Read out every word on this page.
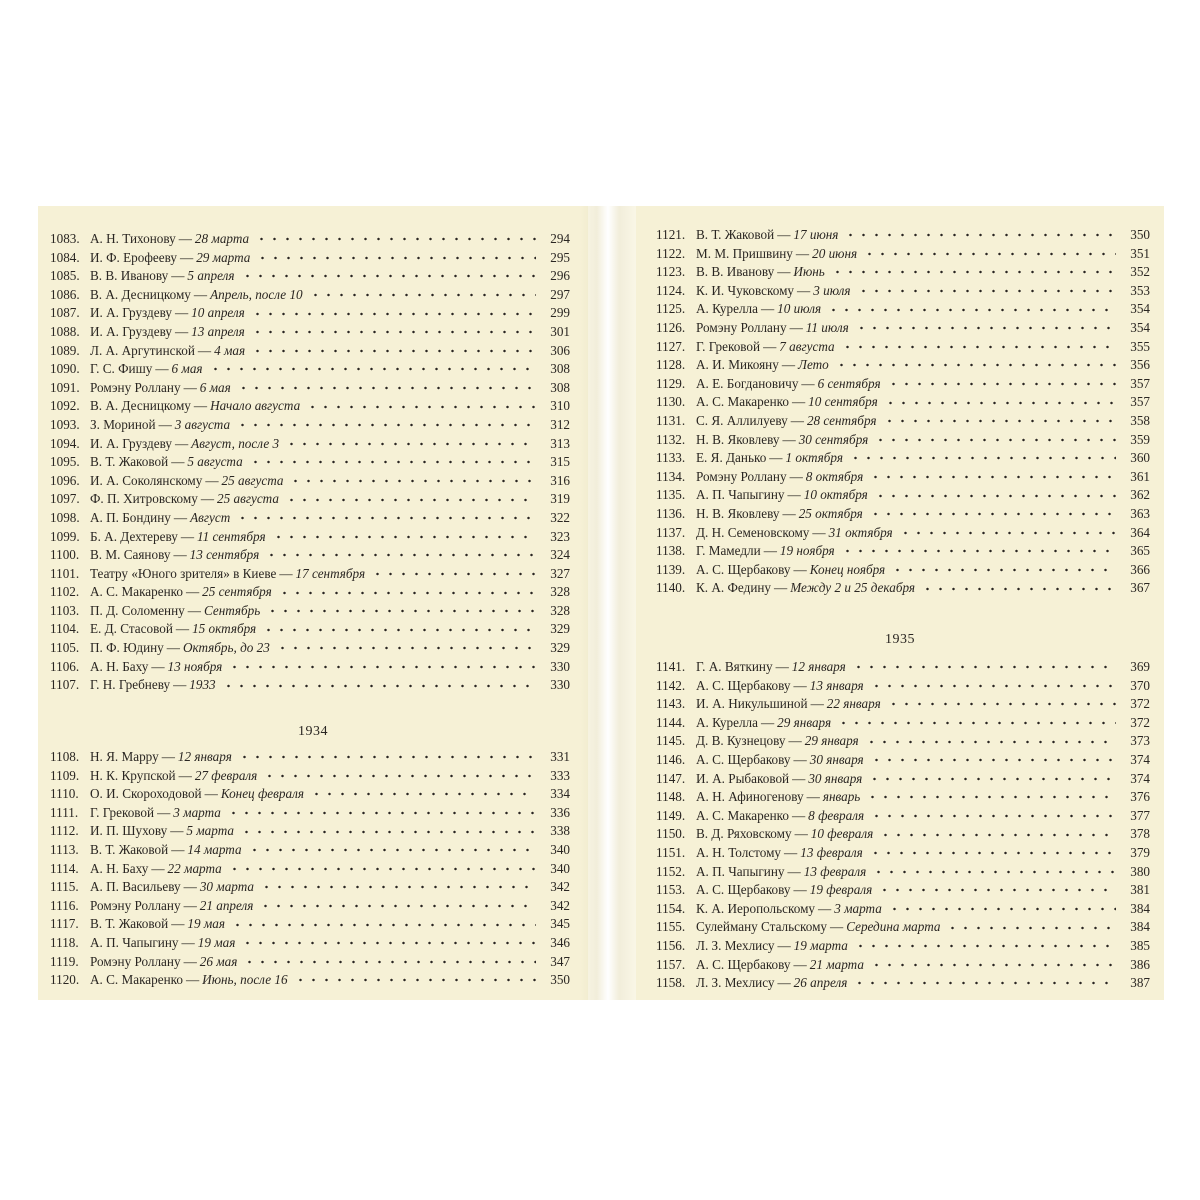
1083. А. Н. Тихонову — 28 марта	294
1084. И. Ф. Ерофееву — 29 марта	295
1085. В. В. Иванову — 5 апреля	296
1086. В. А. Десницкому — Апрель, после 10	297
1087. И. А. Груздеву — 10 апреля	299
1088. И. А. Груздеву — 13 апреля	301
1089. Л. А. Аргутинской — 4 мая	306
1090. Г. С. Фишу — 6 мая	308
1091. Ромэну Роллану — 6 мая	308
1092. В. А. Десницкому — Начало августа	310
1093. З. Мориной — 3 августа	312
1094. И. А. Груздеву — Август, после 3	313
1095. В. Т. Жаковой — 5 августа	315
1096. И. А. Соколянскому — 25 августа	316
1097. Ф. П. Хитровскому — 25 августа	319
1098. А. П. Бондину — Август	322
1099. Б. А. Дехтереву — 11 сентября	323
1100. В. М. Саянову — 13 сентября	324
1101. Театру «Юного зрителя» в Киеве — 17 сентября	327
1102. А. С. Макаренко — 25 сентября	328
1103. П. Д. Соломенну — Сентябрь	328
1104. Е. Д. Стасовой — 15 октября	329
1105. П. Ф. Юдину — Октябрь, до 23	329
1106. А. Н. Баху — 13 ноября	330
1107. Г. Н. Гребневу — 1933	330
1934
1108. Н. Я. Марру — 12 января	331
1109. Н. К. Крупской — 27 февраля	333
1110. О. И. Скороходовой — Конец февраля	334
1111. Г. Грековой — 3 марта	336
1112. И. П. Шухову — 5 марта	338
1113. В. Т. Жаковой — 14 марта	340
1114. А. Н. Баху — 22 марта	340
1115. А. П. Васильеву — 30 марта	342
1116. Ромэну Роллану — 21 апреля	342
1117. В. Т. Жаковой — 19 мая	345
1118. А. П. Чапыгину — 19 мая	346
1119. Ромэну Роллану — 26 мая	347
1120. А. С. Макаренко — Июнь, после 16	350
1121. В. Т. Жаковой — 17 июня	350
1122. М. М. Пришвину — 20 июня	351
1123. В. В. Иванову — Июнь	352
1124. К. И. Чуковскому — 3 июля	353
1125. А. Курелла — 10 июля	354
1126. Ромэну Роллану — 11 июля	354
1127. Г. Грековой — 7 августа	355
1128. А. И. Микояну — Лето	356
1129. А. Е. Богдановичу — 6 сентября	357
1130. А. С. Макаренко — 10 сентября	357
1131. С. Я. Аллилуеву — 28 сентября	358
1132. Н. В. Яковлеву — 30 сентября	359
1133. Е. Я. Данько — 1 октября	360
1134. Ромэну Роллану — 8 октября	361
1135. А. П. Чапыгину — 10 октября	362
1136. Н. В. Яковлеву — 25 октября	363
1137. Д. Н. Семеновскому — 31 октября	364
1138. Г. Мамедли — 19 ноября	365
1139. А. С. Щербакову — Конец ноября	366
1140. К. А. Федину — Между 2 и 25 декабря	367
1935
1141. Г. А. Вяткину — 12 января	369
1142. А. С. Щербакову — 13 января	370
1143. И. А. Никульшиной — 22 января	372
1144. А. Курелла — 29 января	372
1145. Д. В. Кузнецову — 29 января	373
1146. А. С. Щербакову — 30 января	374
1147. И. А. Рыбаковой — 30 января	374
1148. А. Н. Афиногенову — январь	376
1149. А. С. Макаренко — 8 февраля	377
1150. В. Д. Ряховскому — 10 февраля	378
1151. А. Н. Толстому — 13 февраля	379
1152. А. П. Чапыгину — 13 февраля	380
1153. А. С. Щербакову — 19 февраля	381
1154. К. А. Иеропольскому — 3 марта	384
1155. Сулейману Стальскому — Середина марта	384
1156. Л. З. Мехлису — 19 марта	385
1157. А. С. Щербакову — 21 марта	386
1158. Л. З. Мехлису — 26 апреля	387
